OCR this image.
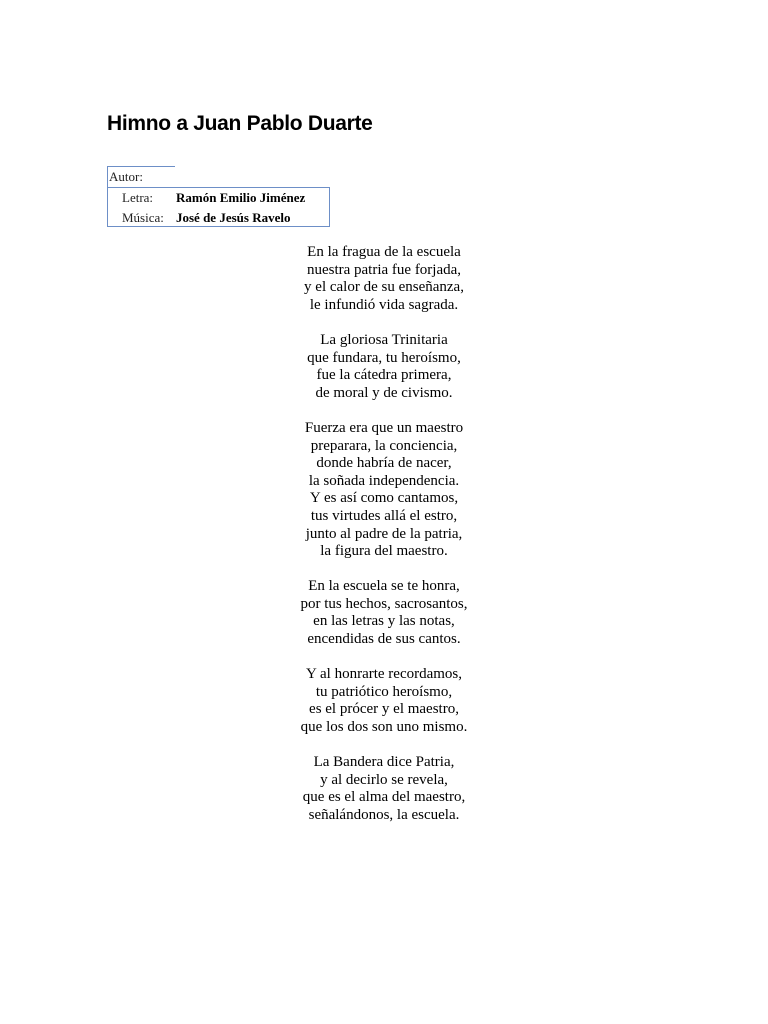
Himno a Juan Pablo Duarte
Autor:
Letra: Ramón Emilio Jiménez
Música: José de Jesús Ravelo
En la fragua de la escuela
nuestra patria fue forjada,
y el calor de su enseñanza,
le infundió vida sagrada.
La gloriosa Trinitaria
que fundara, tu heroísmo,
fue la cátedra primera,
de moral y de civismo.
Fuerza era que un maestro
preparara, la conciencia,
donde habría de nacer,
la soñada independencia.
Y es así como cantamos,
tus virtudes allá el estro,
junto al padre de la patria,
la figura del maestro.
En la escuela se te honra,
por tus hechos, sacrosantos,
en las letras y las notas,
encendidas de sus cantos.
Y al honrarte recordamos,
tu patriótico heroísmo,
es el prócer y el maestro,
que los dos son uno mismo.
La Bandera dice Patria,
y al decirlo se revela,
que es el alma del maestro,
señalándonos, la escuela.
